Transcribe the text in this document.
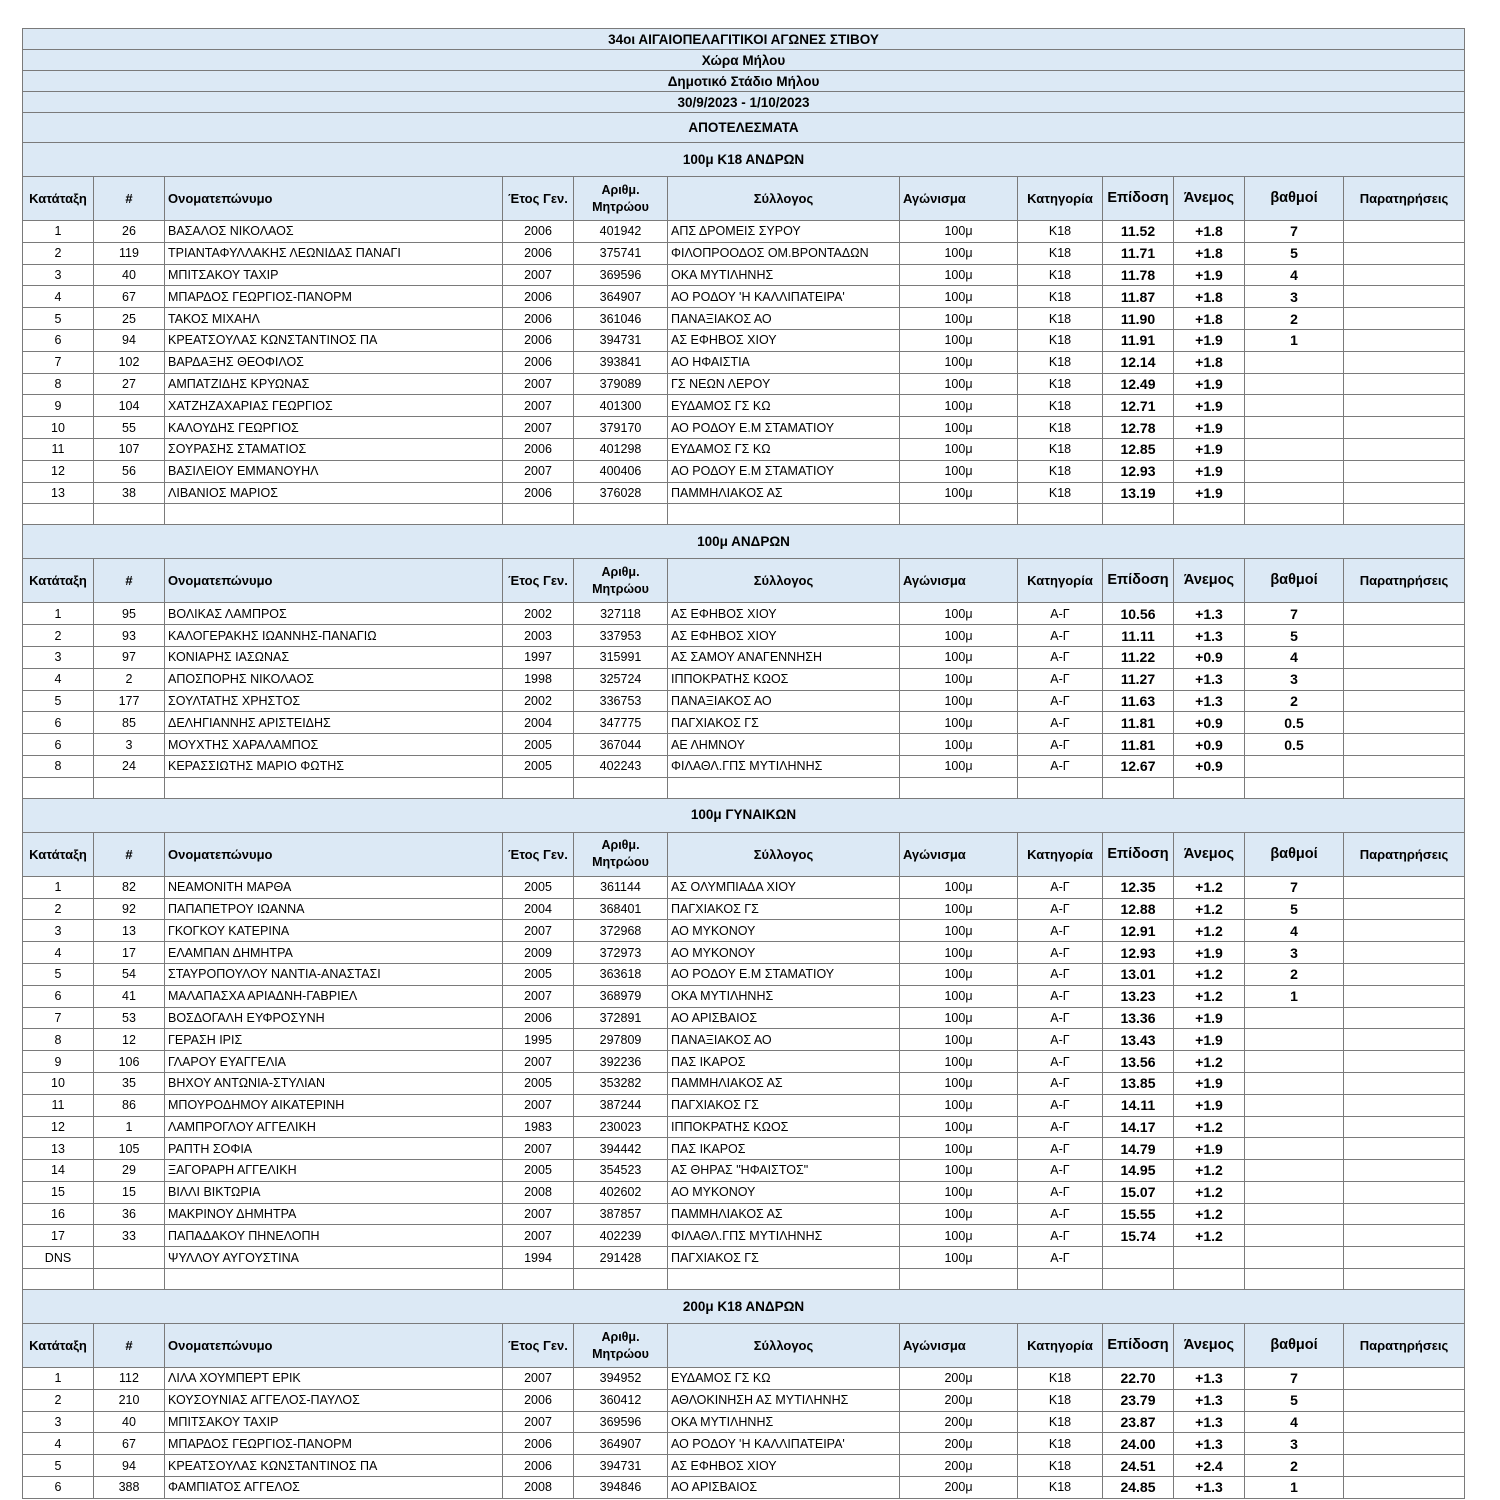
34οι ΑΙΓΑΙΟΠΕΛΑΓΙΤΙΚΟΙ ΑΓΩΝΕΣ ΣΤΙΒΟΥ											
Χώρα Μήλου											
Δημοτικό Στάδιο Μήλου											
30/9/2023 - 1/10/2023											
ΑΠΟΤΕΛΕΣΜΑΤΑ											
100μ Κ18 ΑΝΔΡΩΝ											
Κατάταξη	#	Ονοματεπώνυμο	Έτος Γεν.	Αριθμ. Μητρώου	Σύλλογος	Αγώνισμα	Κατηγορία	Επίδοση	Άνεμος	βαθμοί	Παρατηρήσεις
1	26	ΒΑΣΑΛΟΣ ΝΙΚΟΛΑΟΣ	2006	401942	ΑΠΣ ΔΡΟΜΕΙΣ ΣΥΡΟΥ	100μ	Κ18	11.52	+1.8	7	
2	119	ΤΡΙΑΝΤΑΦΥΛΛΑΚΗΣ ΛΕΩΝΙΔΑΣ ΠΑΝΑΓΙ	2006	375741	ΦΙΛΟΠΡΟΟΔΟΣ ΟΜ.ΒΡΟΝΤΑΔΩΝ	100μ	Κ18	11.71	+1.8	5	
3	40	ΜΠΙΤΣΑΚΟΥ ΤΑΧΙΡ	2007	369596	ΟΚΑ ΜΥΤΙΛΗΝΗΣ	100μ	Κ18	11.78	+1.9	4	
4	67	ΜΠΑΡΔΟΣ ΓΕΩΡΓΙΟΣ-ΠΑΝΟΡΜ	2006	364907	ΑΟ ΡΟΔΟΥ 'Η ΚΑΛΛΙΠΑΤΕΙΡΑ'	100μ	Κ18	11.87	+1.8	3	
5	25	ΤΑΚΟΣ ΜΙΧΑΗΛ	2006	361046	ΠΑΝΑΞΙΑΚΟΣ ΑΟ	100μ	Κ18	11.90	+1.8	2	
6	94	ΚΡΕΑΤΣΟΥΛΑΣ ΚΩΝΣΤΑΝΤΙΝΟΣ ΠΑ	2006	394731	ΑΣ ΕΦΗΒΟΣ ΧΙΟΥ	100μ	Κ18	11.91	+1.9	1	
7	102	ΒΑΡΔΑΞΗΣ ΘΕΟΦΙΛΟΣ	2006	393841	ΑΟ ΗΦΑΙΣΤΙΑ	100μ	Κ18	12.14	+1.8		
8	27	ΑΜΠΑΤΖΙΔΗΣ ΚΡΥΩΝΑΣ	2007	379089	ΓΣ ΝΕΩΝ ΛΕΡΟΥ	100μ	Κ18	12.49	+1.9		
9	104	ΧΑΤΖΗΖΑΧΑΡΙΑΣ ΓΕΩΡΓΙΟΣ	2007	401300	ΕΥΔΑΜΟΣ ΓΣ ΚΩ	100μ	Κ18	12.71	+1.9		
10	55	ΚΑΛΟΥΔΗΣ ΓΕΩΡΓΙΟΣ	2007	379170	ΑΟ ΡΟΔΟΥ Ε.Μ ΣΤΑΜΑΤΙΟΥ	100μ	Κ18	12.78	+1.9		
11	107	ΣΟΥΡΑΣΗΣ ΣΤΑΜΑΤΙΟΣ	2006	401298	ΕΥΔΑΜΟΣ ΓΣ ΚΩ	100μ	Κ18	12.85	+1.9		
12	56	ΒΑΣΙΛΕΙΟΥ ΕΜΜΑΝΟΥΗΛ	2007	400406	ΑΟ ΡΟΔΟΥ Ε.Μ ΣΤΑΜΑΤΙΟΥ	100μ	Κ18	12.93	+1.9		
13	38	ΛΙΒΑΝΙΟΣ ΜΑΡΙΟΣ	2006	376028	ΠΑΜΜΗΛΙΑΚΟΣ ΑΣ	100μ	Κ18	13.19	+1.9		

100μ ΑΝΔΡΩΝ											
Κατάταξη	#	Ονοματεπώνυμο	Έτος Γεν.	Αριθμ. Μητρώου	Σύλλογος	Αγώνισμα	Κατηγορία	Επίδοση	Άνεμος	βαθμοί	Παρατηρήσεις
1	95	ΒΟΛΙΚΑΣ ΛΑΜΠΡΟΣ	2002	327118	ΑΣ ΕΦΗΒΟΣ ΧΙΟΥ	100μ	Α-Γ	10.56	+1.3	7	
2	93	ΚΑΛΟΓΕΡΑΚΗΣ ΙΩΑΝΝΗΣ-ΠΑΝΑΓΙΩ	2003	337953	ΑΣ ΕΦΗΒΟΣ ΧΙΟΥ	100μ	Α-Γ	11.11	+1.3	5	
3	97	ΚΟΝΙΑΡΗΣ ΙΑΣΩΝΑΣ	1997	315991	ΑΣ ΣΑΜΟΥ ΑΝΑΓΕΝΝΗΣΗ	100μ	Α-Γ	11.22	+0.9	4	
4	2	ΑΠΟΣΠΟΡΗΣ ΝΙΚΟΛΑΟΣ	1998	325724	ΙΠΠΟΚΡΑΤΗΣ ΚΩΟΣ	100μ	Α-Γ	11.27	+1.3	3	
5	177	ΣΟΥΛΤΑΤΗΣ ΧΡΗΣΤΟΣ	2002	336753	ΠΑΝΑΞΙΑΚΟΣ ΑΟ	100μ	Α-Γ	11.63	+1.3	2	
6	85	ΔΕΛΗΓΙΑΝΝΗΣ ΑΡΙΣΤΕΙΔΗΣ	2004	347775	ΠΑΓΧΙΑΚΟΣ ΓΣ	100μ	Α-Γ	11.81	+0.9	0.5	
6	3	ΜΟΥΧΤΗΣ ΧΑΡΑΛΑΜΠΟΣ	2005	367044	ΑΕ ΛΗΜΝΟΥ	100μ	Α-Γ	11.81	+0.9	0.5	
8	24	ΚΕΡΑΣΣΙΩΤΗΣ ΜΑΡΙΟ ΦΩΤΗΣ	2005	402243	ΦΙΛΑΘΛ.ΓΠΣ ΜΥΤΙΛΗΝΗΣ	100μ	Α-Γ	12.67	+0.9		

100μ ΓΥΝΑΙΚΩΝ											
Κατάταξη	#	Ονοματεπώνυμο	Έτος Γεν.	Αριθμ. Μητρώου	Σύλλογος	Αγώνισμα	Κατηγορία	Επίδοση	Άνεμος	βαθμοί	Παρατηρήσεις
1	82	ΝΕΑΜΟΝΙΤΗ ΜΑΡΘΑ	2005	361144	ΑΣ ΟΛΥΜΠΙΑΔΑ ΧΙΟΥ	100μ	Α-Γ	12.35	+1.2	7	
2	92	ΠΑΠΑΠΕΤΡΟΥ ΙΩΑΝΝΑ	2004	368401	ΠΑΓΧΙΑΚΟΣ ΓΣ	100μ	Α-Γ	12.88	+1.2	5	
3	13	ΓΚΟΓΚΟΥ ΚΑΤΕΡΙΝΑ	2007	372968	ΑΟ ΜΥΚΟΝΟΥ	100μ	Α-Γ	12.91	+1.2	4	
4	17	ΕΛΑΜΠΑΝ ΔΗΜΗΤΡΑ	2009	372973	ΑΟ ΜΥΚΟΝΟΥ	100μ	Α-Γ	12.93	+1.9	3	
5	54	ΣΤΑΥΡΟΠΟΥΛΟΥ ΝΑΝΤΙΑ-ΑΝΑΣΤΑΣΙ	2005	363618	ΑΟ ΡΟΔΟΥ Ε.Μ ΣΤΑΜΑΤΙΟΥ	100μ	Α-Γ	13.01	+1.2	2	
6	41	ΜΑΛΑΠΑΣΧΑ ΑΡΙΑΔΝΗ-ΓΑΒΡΙΕΛ	2007	368979	ΟΚΑ ΜΥΤΙΛΗΝΗΣ	100μ	Α-Γ	13.23	+1.2	1	
7	53	ΒΟΣΔΟΓΑΛΗ ΕΥΦΡΟΣΥΝΗ	2006	372891	ΑΟ ΑΡΙΣΒΑΙΟΣ	100μ	Α-Γ	13.36	+1.9		
8	12	ΓΕΡΑΣΗ ΙΡΙΣ	1995	297809	ΠΑΝΑΞΙΑΚΟΣ ΑΟ	100μ	Α-Γ	13.43	+1.9		
9	106	ΓΛΑΡΟΥ ΕΥΑΓΓΕΛΙΑ	2007	392236	ΠΑΣ ΙΚΑΡΟΣ	100μ	Α-Γ	13.56	+1.2		
10	35	ΒΗΧΟΥ ΑΝΤΩΝΙΑ-ΣΤΥΛΙΑΝ	2005	353282	ΠΑΜΜΗΛΙΑΚΟΣ ΑΣ	100μ	Α-Γ	13.85	+1.9		
11	86	ΜΠΟΥΡΟΔΗΜΟΥ ΑΙΚΑΤΕΡΙΝΗ	2007	387244	ΠΑΓΧΙΑΚΟΣ ΓΣ	100μ	Α-Γ	14.11	+1.9		
12	1	ΛΑΜΠΡΟΓΛΟΥ ΑΓΓΕΛΙΚΗ	1983	230023	ΙΠΠΟΚΡΑΤΗΣ ΚΩΟΣ	100μ	Α-Γ	14.17	+1.2		
13	105	ΡΑΠΤΗ ΣΟΦΙΑ	2007	394442	ΠΑΣ ΙΚΑΡΟΣ	100μ	Α-Γ	14.79	+1.9		
14	29	ΞΑΓΟΡΑΡΗ ΑΓΓΕΛΙΚΗ	2005	354523	ΑΣ ΘΗΡΑΣ "ΗΦΑΙΣΤΟΣ"	100μ	Α-Γ	14.95	+1.2		
15	15	ΒΙΛΛΙ ΒΙΚΤΩΡΙΑ	2008	402602	ΑΟ ΜΥΚΟΝΟΥ	100μ	Α-Γ	15.07	+1.2		
16	36	ΜΑΚΡΙΝΟΥ ΔΗΜΗΤΡΑ	2007	387857	ΠΑΜΜΗΛΙΑΚΟΣ ΑΣ	100μ	Α-Γ	15.55	+1.2		
17	33	ΠΑΠΑΔΑΚΟΥ ΠΗΝΕΛΟΠΗ	2007	402239	ΦΙΛΑΘΛ.ΓΠΣ ΜΥΤΙΛΗΝΗΣ	100μ	Α-Γ	15.74	+1.2		
DNS		ΨΥΛΛΟΥ ΑΥΓΟΥΣΤΙΝΑ	1994	291428	ΠΑΓΧΙΑΚΟΣ ΓΣ	100μ	Α-Γ				

200μ Κ18 ΑΝΔΡΩΝ											
Κατάταξη	#	Ονοματεπώνυμο	Έτος Γεν.	Αριθμ. Μητρώου	Σύλλογος	Αγώνισμα	Κατηγορία	Επίδοση	Άνεμος	βαθμοί	Παρατηρήσεις
1	112	ΛΙΛΑ ΧΟΥΜΠΕΡΤ ΕΡΙΚ	2007	394952	ΕΥΔΑΜΟΣ ΓΣ ΚΩ	200μ	Κ18	22.70	+1.3	7	
2	210	ΚΟΥΣΟΥΝΙΑΣ ΑΓΓΕΛΟΣ-ΠΑΥΛΟΣ	2006	360412	ΑΘΛΟΚΙΝΗΣΗ ΑΣ ΜΥΤΙΛΗΝΗΣ	200μ	Κ18	23.79	+1.3	5	
3	40	ΜΠΙΤΣΑΚΟΥ ΤΑΧΙΡ	2007	369596	ΟΚΑ ΜΥΤΙΛΗΝΗΣ	200μ	Κ18	23.87	+1.3	4	
4	67	ΜΠΑΡΔΟΣ ΓΕΩΡΓΙΟΣ-ΠΑΝΟΡΜ	2006	364907	ΑΟ ΡΟΔΟΥ 'Η ΚΑΛΛΙΠΑΤΕΙΡΑ'	200μ	Κ18	24.00	+1.3	3	
5	94	ΚΡΕΑΤΣΟΥΛΑΣ ΚΩΝΣΤΑΝΤΙΝΟΣ ΠΑ	2006	394731	ΑΣ ΕΦΗΒΟΣ ΧΙΟΥ	200μ	Κ18	24.51	+2.4	2	
6	388	ΦΑΜΠΙΑΤΟΣ ΑΓΓΕΛΟΣ	2008	394846	ΑΟ ΑΡΙΣΒΑΙΟΣ	200μ	Κ18	24.85	+1.3	1	
